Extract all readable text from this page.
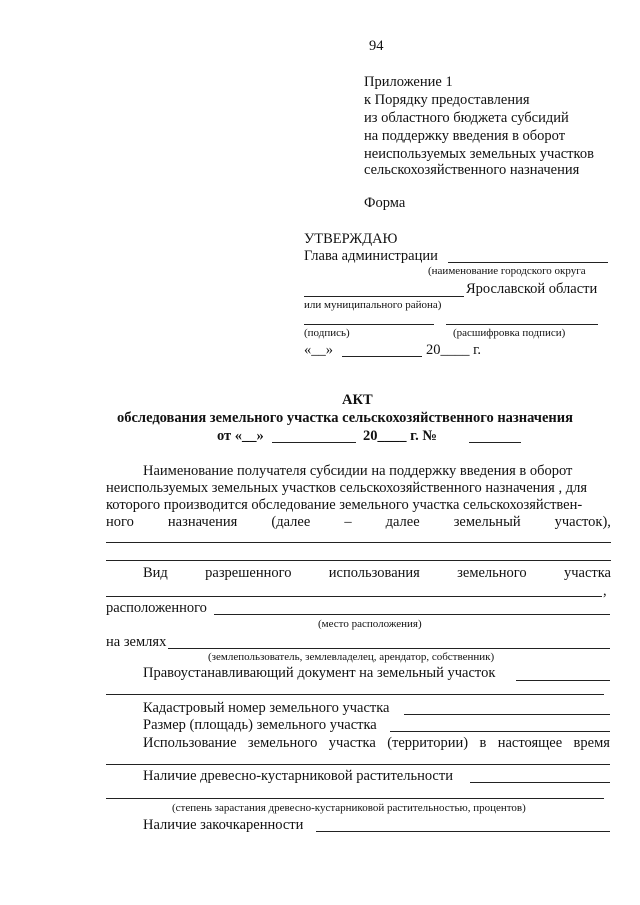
94
Приложение 1
к Порядку предоставления
из областного бюджета субсидий
на поддержку введения в оборот
неиспользуемых земельных участков
сельскохозяйственного назначения
Форма
УТВЕРЖДАЮ
Глава администрации
(наименование городского округа
Ярославской области
или муниципального района)
(подпись)	(расшифровка подписи)
«__»	20____ г.
АКТ
обследования земельного участка сельскохозяйственного назначения
от «__»	20____ г. №
Наименование получателя субсидии на поддержку введения в оборот
неиспользуемых земельных участков сельскохозяйственного назначения , для
которого производится обследование земельного участка сельскохозяйствен-
ного назначения (далее – далее земельный участок),
Вид	разрешенного	использования	земельного	участка
,
расположенного
(место расположения)
на землях
(землепользователь, землевладелец, арендатор, собственник)
Правоустанавливающий документ на земельный участок
Кадастровый номер земельного участка
Размер (площадь) земельного участка
Использование земельного участка (территории) в настоящее время
Наличие древесно-кустарниковой растительности
(степень зарастания древесно-кустарниковой растительностью, процентов)
Наличие закочкаренности
